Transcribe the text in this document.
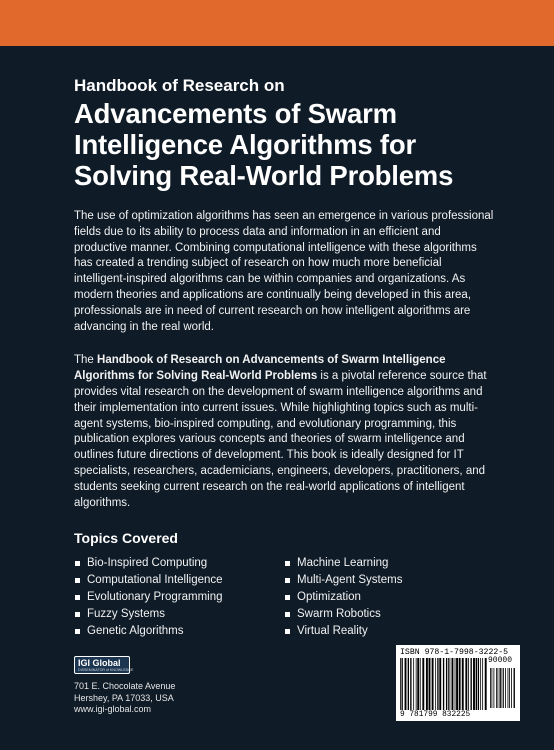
Handbook of Research on

Advancements of Swarm
Intelligence Algorithms for
Solving Real-World Problems

The use of optimization algorithms has seen an emergence in various professional fields due to its ability to process data and information in an efficient and productive manner. Combining computational intelligence with these algorithms has created a trending subject of research on how much more beneficial intelligent-inspired algorithms can be within companies and organizations. As modern theories and applications are continually being developed in this area, professionals are in need of current research on how intelligent algorithms are advancing in the real world.

The Handbook of Research on Advancements of Swarm Intelligence Algorithms for Solving Real-World Problems is a pivotal reference source that provides vital research on the development of swarm intelligence algorithms and their implementation into current issues. While highlighting topics such as multi-agent systems, bio-inspired computing, and evolutionary programming, this publication explores various concepts and theories of swarm intelligence and outlines future directions of development. This book is ideally designed for IT specialists, researchers, academicians, engineers, developers, practitioners, and students seeking current research on the real-world applications of intelligent algorithms.

Topics Covered
Bio-Inspired Computing
Computational Intelligence
Evolutionary Programming
Fuzzy Systems
Genetic Algorithms
Machine Learning
Multi-Agent Systems
Optimization
Swarm Robotics
Virtual Reality
IGI Global
DISSEMINATOR of KNOWLEDGE
701 E. Chocolate Avenue
Hershey, PA 17033, USA
www.igi-global.com
ISBN 978-1-7998-3222-5
90000
9 781799 832225
